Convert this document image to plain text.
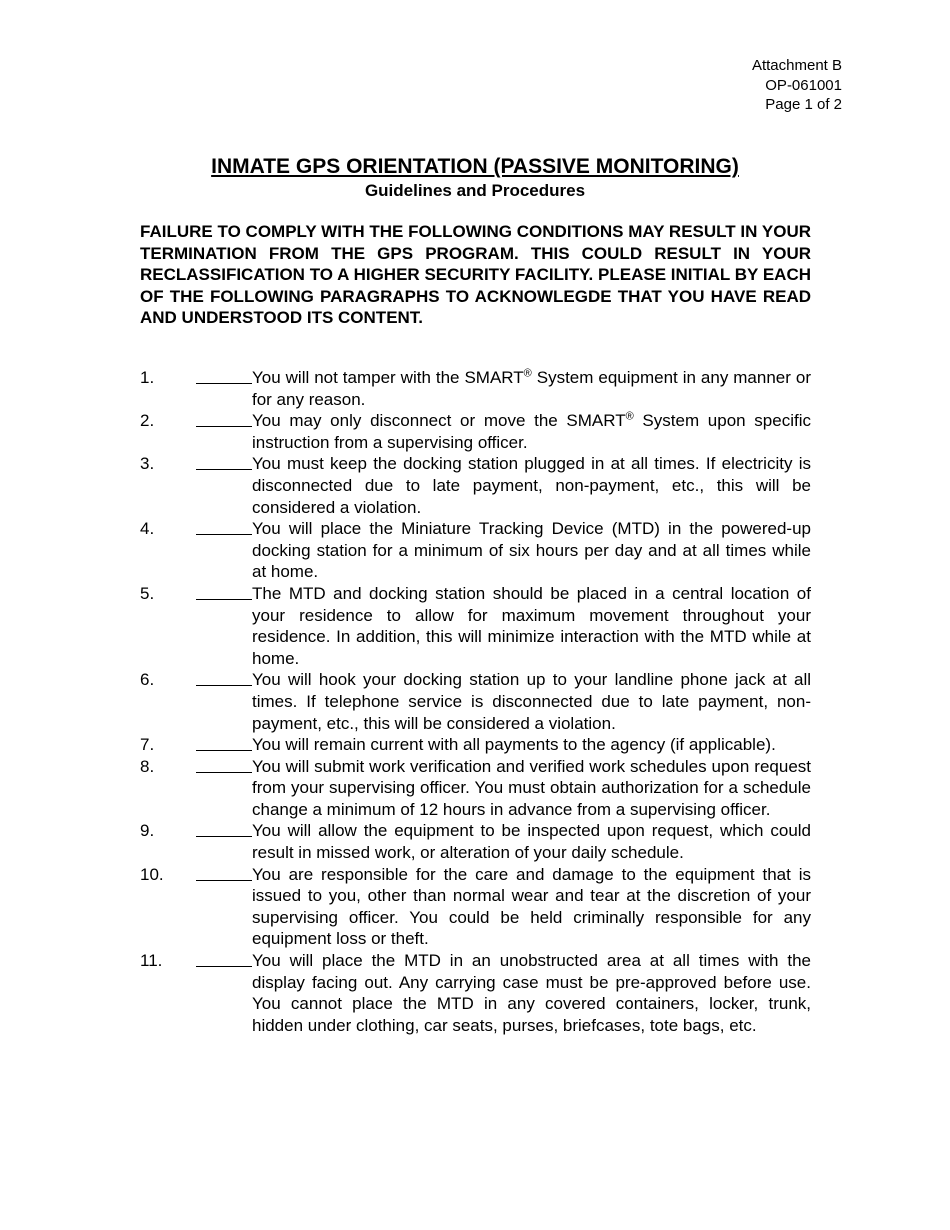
Attachment B
OP-061001
Page 1 of 2
INMATE GPS ORIENTATION (PASSIVE MONITORING)
Guidelines and Procedures
FAILURE TO COMPLY WITH THE FOLLOWING CONDITIONS MAY RESULT IN YOUR TERMINATION FROM THE GPS PROGRAM. THIS COULD RESULT IN YOUR RECLASSIFICATION TO A HIGHER SECURITY FACILITY. PLEASE INITIAL BY EACH OF THE FOLLOWING PARAGRAPHS TO ACKNOWLEGDE THAT YOU HAVE READ AND UNDERSTOOD ITS CONTENT.
1.	You will not tamper with the SMART® System equipment in any manner or for any reason.
2.	You may only disconnect or move the SMART® System upon specific instruction from a supervising officer.
3.	You must keep the docking station plugged in at all times. If electricity is disconnected due to late payment, non-payment, etc., this will be considered a violation.
4.	You will place the Miniature Tracking Device (MTD) in the powered-up docking station for a minimum of six hours per day and at all times while at home.
5.	The MTD and docking station should be placed in a central location of your residence to allow for maximum movement throughout your residence. In addition, this will minimize interaction with the MTD while at home.
6.	You will hook your docking station up to your landline phone jack at all times. If telephone service is disconnected due to late payment, non-payment, etc., this will be considered a violation.
7.	You will remain current with all payments to the agency (if applicable).
8.	You will submit work verification and verified work schedules upon request from your supervising officer. You must obtain authorization for a schedule change a minimum of 12 hours in advance from a supervising officer.
9.	You will allow the equipment to be inspected upon request, which could result in missed work, or alteration of your daily schedule.
10.	You are responsible for the care and damage to the equipment that is issued to you, other than normal wear and tear at the discretion of your supervising officer. You could be held criminally responsible for any equipment loss or theft.
11.	You will place the MTD in an unobstructed area at all times with the display facing out. Any carrying case must be pre-approved before use. You cannot place the MTD in any covered containers, locker, trunk, hidden under clothing, car seats, purses, briefcases, tote bags, etc.
